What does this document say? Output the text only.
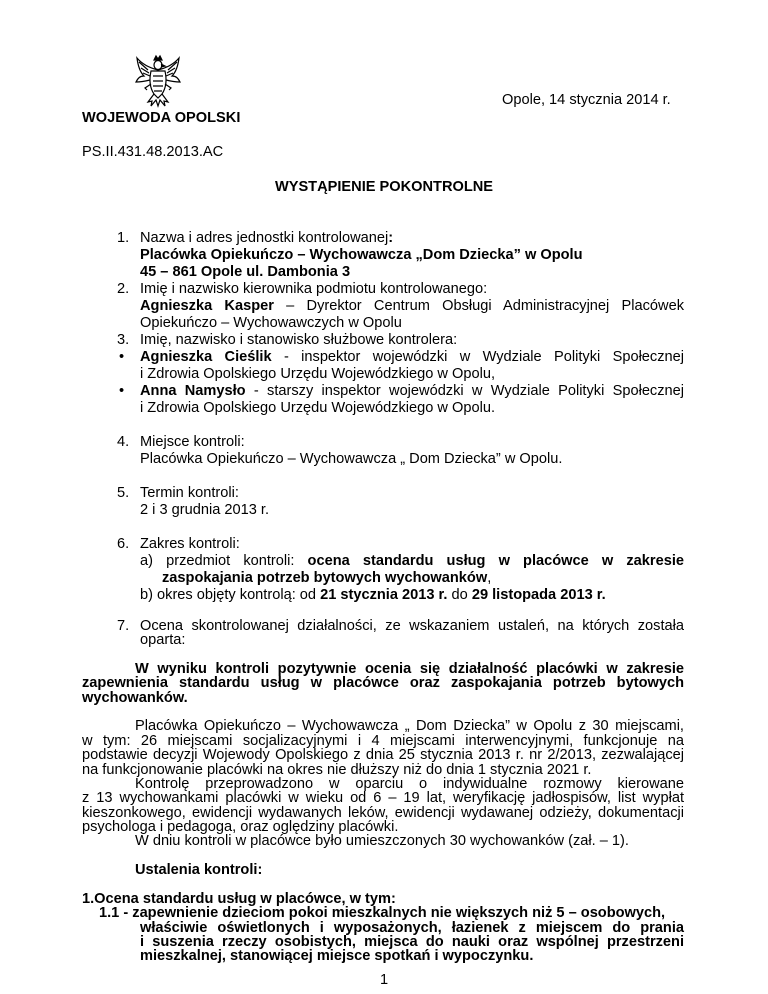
Opole, 14 stycznia 2014 r.
WOJEWODA OPOLSKI
PS.II.431.48.2013.AC
WYSTĄPIENIE POKONTROLNE
1. Nazwa i adres jednostki kontrolowanej:
Placówka Opiekuńczo – Wychowawcza „Dom Dziecka” w Opolu
45 – 861 Opole ul. Dambonia 3
2. Imię i nazwisko kierownika podmiotu kontrolowanego:
Agnieszka Kasper – Dyrektor Centrum Obsługi Administracyjnej Placówek
Opiekuńczo – Wychowawczych w Opolu
3. Imię, nazwisko i stanowisko służbowe kontrolera:
• Agnieszka Cieślik - inspektor wojewódzki w Wydziale Polityki Społecznej
i Zdrowia Opolskiego Urzędu Wojewódzkiego w Opolu,
• Anna Namysło - starszy inspektor wojewódzki w Wydziale Polityki Społecznej
i Zdrowia Opolskiego Urzędu Wojewódzkiego w Opolu.
4. Miejsce kontroli:
Placówka Opiekuńczo – Wychowawcza „ Dom Dziecka” w Opolu.
5. Termin kontroli:
2 i 3 grudnia 2013 r.
6. Zakres kontroli:
a) przedmiot kontroli: ocena standardu usług w placówce w zakresie
zaspokajania potrzeb bytowych wychowanków,
b) okres objęty kontrolą: od 21 stycznia 2013 r. do 29 listopada 2013 r.
7. Ocena skontrolowanej działalności, ze wskazaniem ustaleń, na których została
oparta:
W wyniku kontroli pozytywnie ocenia się działalność placówki w zakresie
zapewnienia standardu usług w placówce oraz zaspokajania potrzeb bytowych
wychowanków.
Placówka Opiekuńczo – Wychowawcza „ Dom Dziecka” w Opolu z 30 miejscami,
w tym: 26 miejscami socjalizacyjnymi i 4 miejscami interwencyjnymi, funkcjonuje na
podstawie decyzji Wojewody Opolskiego z dnia 25 stycznia 2013 r. nr 2/2013, zezwalającej
na funkcjonowanie placówki na okres nie dłuższy niż do dnia 1 stycznia 2021 r.
Kontrolę przeprowadzono w oparciu o indywidualne rozmowy kierowane
z 13 wychowankami placówki w wieku od 6 – 19 lat, weryfikację jadłospisów, list wypłat
kieszonkowego, ewidencji wydawanych leków, ewidencji wydawanej odzieży, dokumentacji
psychologa i pedagoga, oraz oględziny placówki.
W dniu kontroli w placówce było umieszczonych 30 wychowanków (zał. – 1).
Ustalenia kontroli:
1.Ocena standardu usług w placówce, w tym:
1.1 - zapewnienie dzieciom pokoi mieszkalnych nie większych niż 5 – osobowych,
właściwie oświetlonych i wyposażonych, łazienek z miejscem do prania
i suszenia rzeczy osobistych, miejsca do nauki oraz wspólnej przestrzeni
mieszkalnej, stanowiącej miejsce spotkań i wypoczynku.
1
